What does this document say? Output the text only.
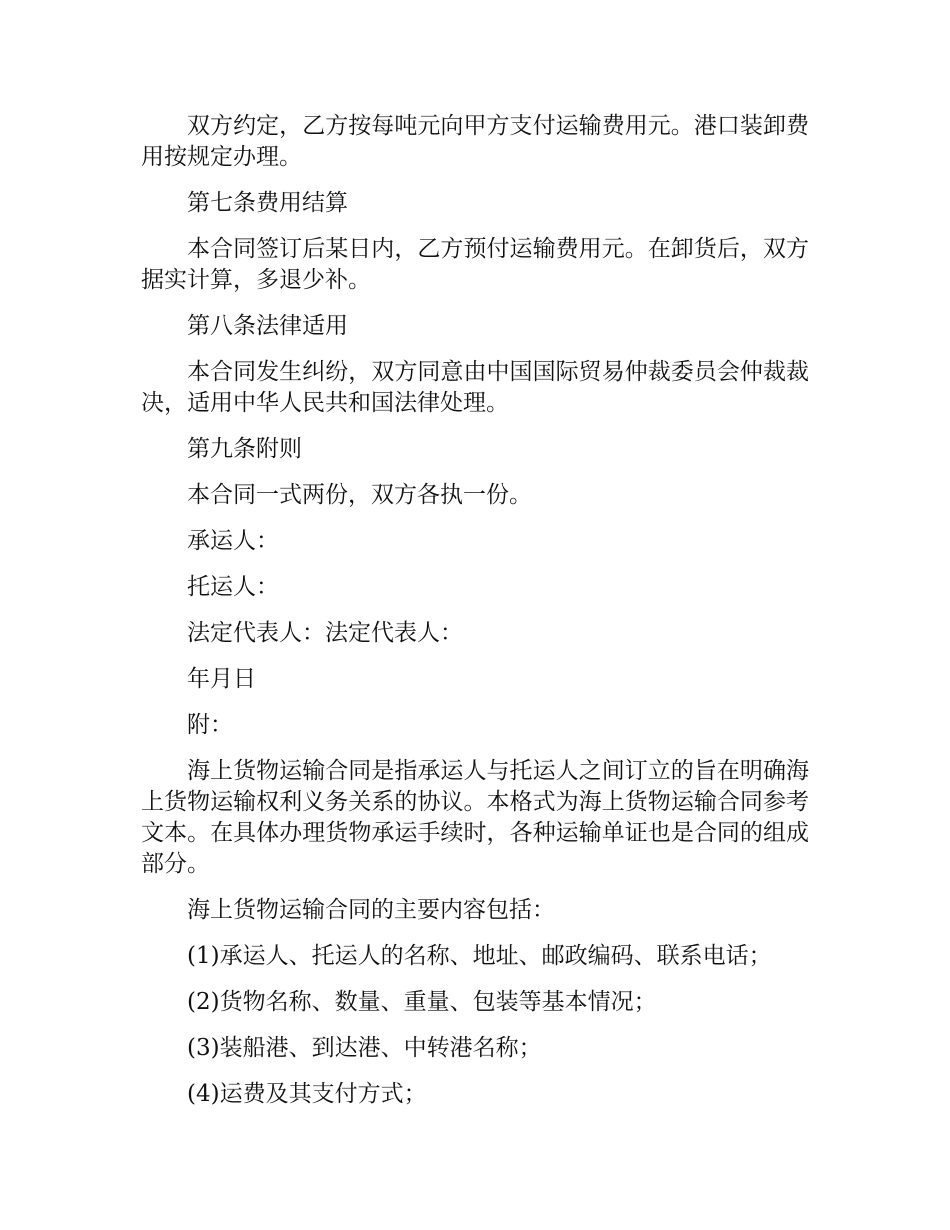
双方约定，乙方按每吨元向甲方支付运输费用元。港口装卸费用按规定办理。

第七条费用结算

本合同签订后某日内，乙方预付运输费用元。在卸货后，双方据实计算，多退少补。

第八条法律适用

本合同发生纠纷，双方同意由中国国际贸易仲裁委员会仲裁裁决，适用中华人民共和国法律处理。

第九条附则

本合同一式两份，双方各执一份。

承运人：

托运人：

法定代表人：法定代表人：

年月日

附：

海上货物运输合同是指承运人与托运人之间订立的旨在明确海上货物运输权利义务关系的协议。本格式为海上货物运输合同参考文本。在具体办理货物承运手续时，各种运输单证也是合同的组成部分。

海上货物运输合同的主要内容包括：

(1)承运人、托运人的名称、地址、邮政编码、联系电话；

(2)货物名称、数量、重量、包装等基本情况；

(3)装船港、到达港、中转港名称；

(4)运费及其支付方式；
